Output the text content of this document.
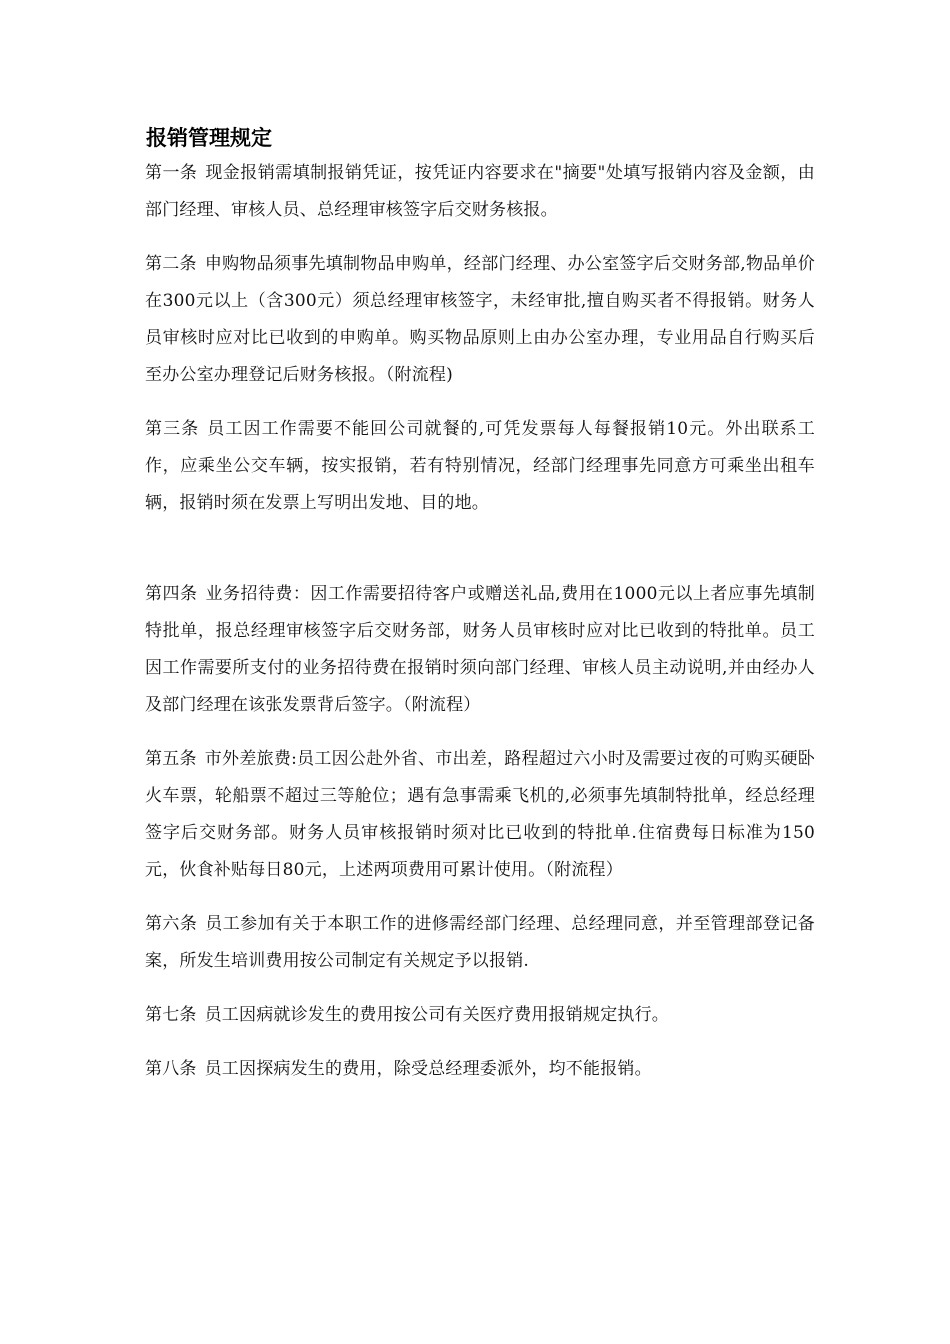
报销管理规定

第一条 现金报销需填制报销凭证，按凭证内容要求在"摘要"处填写报销内容及金额，由部门经理、审核人员、总经理审核签字后交财务核报。

第二条 申购物品须事先填制物品申购单，经部门经理、办公室签字后交财务部,物品单价在300元以上（含300元）须总经理审核签字，未经审批,擅自购买者不得报销。财务人员审核时应对比已收到的申购单。购买物品原则上由办公室办理，专业用品自行购买后至办公室办理登记后财务核报。（附流程)

第三条 员工因工作需要不能回公司就餐的,可凭发票每人每餐报销10元。外出联系工作，应乘坐公交车辆，按实报销，若有特别情况，经部门经理事先同意方可乘坐出租车辆，报销时须在发票上写明出发地、目的地。

第四条 业务招待费：因工作需要招待客户或赠送礼品,费用在1000元以上者应事先填制特批单，报总经理审核签字后交财务部，财务人员审核时应对比已收到的特批单。员工因工作需要所支付的业务招待费在报销时须向部门经理、审核人员主动说明,并由经办人及部门经理在该张发票背后签字。（附流程）

第五条 市外差旅费:员工因公赴外省、市出差，路程超过六小时及需要过夜的可购买硬卧火车票，轮船票不超过三等舱位；遇有急事需乘飞机的,必须事先填制特批单，经总经理签字后交财务部。财务人员审核报销时须对比已收到的特批单.住宿费每日标准为150元，伙食补贴每日80元，上述两项费用可累计使用。（附流程）

第六条 员工参加有关于本职工作的进修需经部门经理、总经理同意，并至管理部登记备案，所发生培训费用按公司制定有关规定予以报销.

第七条 员工因病就诊发生的费用按公司有关医疗费用报销规定执行。

第八条 员工因探病发生的费用，除受总经理委派外，均不能报销。
